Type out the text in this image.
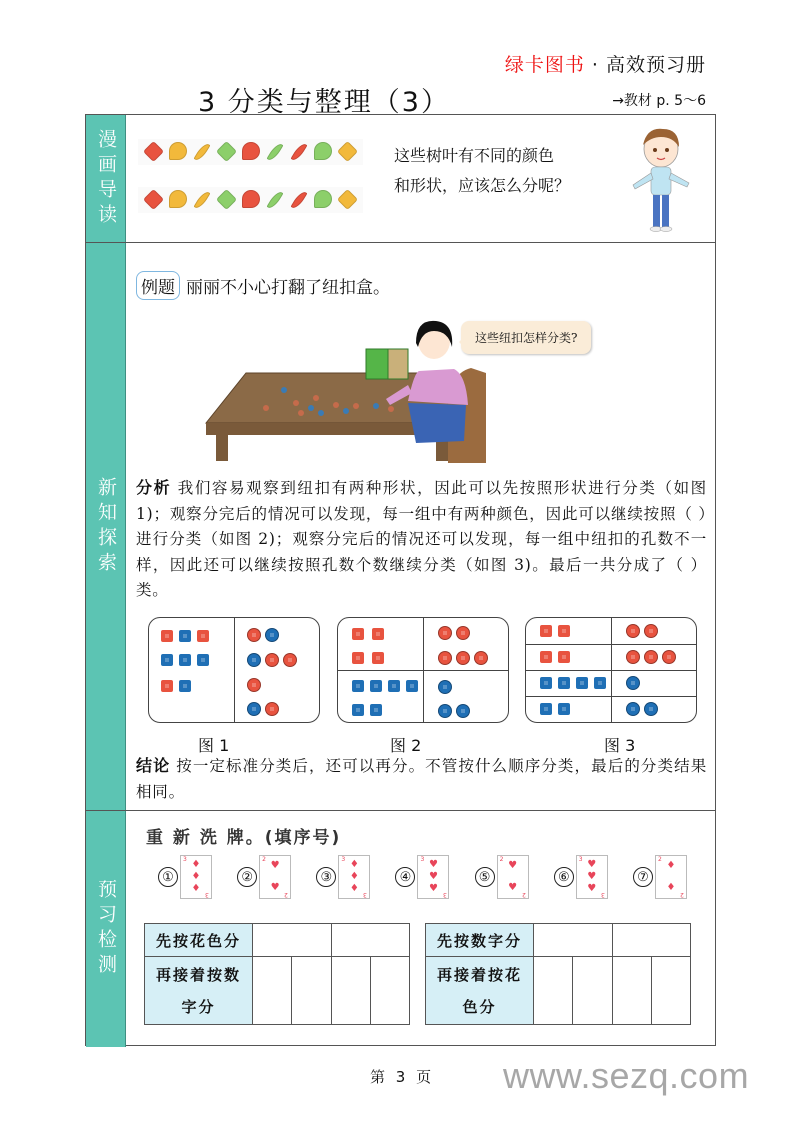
绿卡图书 · 高效预习册
3 分类与整理（3）	→教材 p. 5～6
漫画导读	这些树叶有不同的颜色
和形状，应该怎么分呢？
新知探索
例题 丽丽不小心打翻了纽扣盒。
这些纽扣怎样分类?
分析 我们容易观察到纽扣有两种形状，因此可以先按照形状进行分类（如图 1)；观察分完后的情况可以发现，每一组中有两种颜色，因此可以继续按照（ ）进行分类（如图 2)；观察分完后的情况还可以发现，每一组中纽扣的孔数不一样，因此还可以继续按照孔数个数继续分类（如图 3)。最后一共分成了（ ）类。
图 1	图 2	图 3
结论 按一定标准分类后，还可以再分。不管按什么顺序分类，最后的分类结果相同。
预习检测
重 新 洗 牌。(填序号)
①
3 ♦
♦
♦
3
②
2
♥
♥
2
③
3 ♦
♦
♦
3
④
3 ♥
♥
♥
3
⑤
2
♥
♥
2
⑥
3 ♥
♥
♥
3
⑦
2
♦
♦
2
先按花色分				

再接着按数
字分				

先按数字分				

再接着按花
色分				

第 3 页 www.sezq.com
